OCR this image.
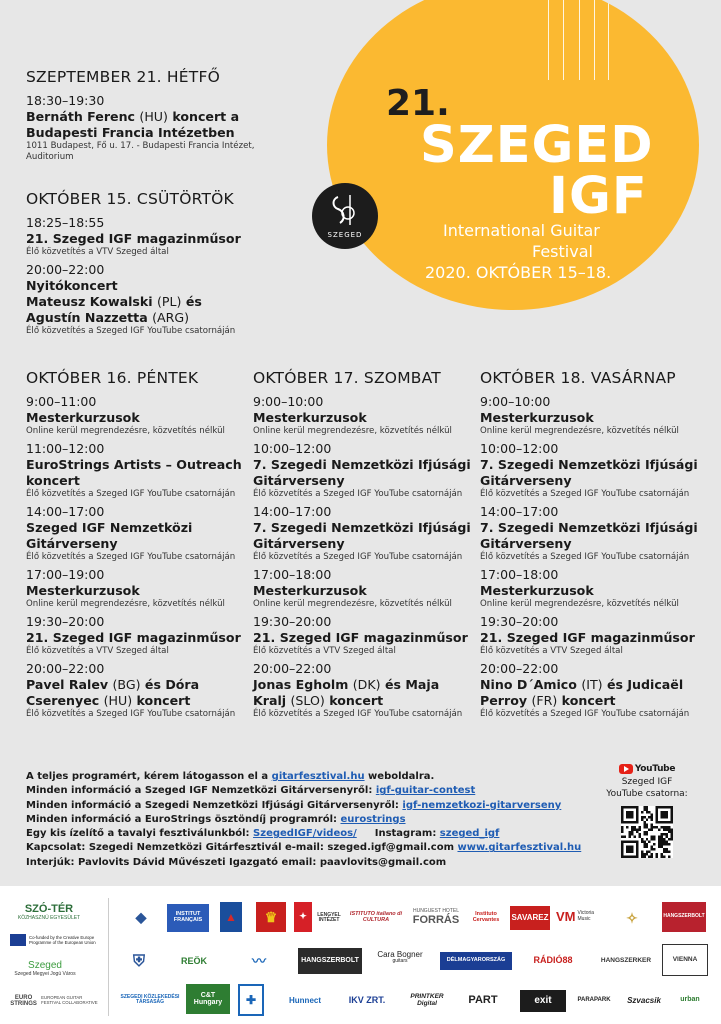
SZEGED
21.
SZEGED
IGF
International Guitar
Festival
2020. OKTÓBER 15–18.
SZEPTEMBER 21. HÉTFŐ
18:30–19:30
Bernáth Ferenc (HU) koncert a
Budapesti Francia Intézetben
1011 Budapest, Fő u. 17. - Budapesti Francia Intézet,
Auditorium
OKTÓBER 15. CSÜTÖRTÖK
18:25–18:55
21. Szeged IGF magazinműsor
Élő közvetítés a VTV Szeged által
20:00–22:00
Nyitókoncert
Mateusz Kowalski (PL) és
Agustín Nazzetta (ARG)
Élő közvetítés a Szeged IGF YouTube csatornáján
OKTÓBER 16. PÉNTEK
9:00–11:00
Mesterkurzusok
Online kerül megrendezésre, közvetítés nélkül
11:00–12:00
EuroStrings Artists – Outreach
koncert
Élő közvetítés a Szeged IGF YouTube csatornáján
14:00–17:00
Szeged IGF Nemzetközi
Gitárverseny
Élő közvetítés a Szeged IGF YouTube csatornáján
17:00–19:00
Mesterkurzusok
Online kerül megrendezésre, közvetítés nélkül
19:30–20:00
21. Szeged IGF magazinműsor
Élő közvetítés a VTV Szeged által
20:00–22:00
Pavel Ralev (BG) és Dóra
Cserenyec (HU) koncert
Élő közvetítés a Szeged IGF YouTube csatornáján
OKTÓBER 17. SZOMBAT
9:00–10:00
Mesterkurzusok
Online kerül megrendezésre, közvetítés nélkül
10:00–12:00
7. Szegedi Nemzetközi Ifjúsági
Gitárverseny
Élő közvetítés a Szeged IGF YouTube csatornáján
14:00–17:00
7. Szegedi Nemzetközi Ifjúsági
Gitárverseny
Élő közvetítés a Szeged IGF YouTube csatornáján
17:00–18:00
Mesterkurzusok
Online kerül megrendezésre, közvetítés nélkül
19:30–20:00
21. Szeged IGF magazinműsor
Élő közvetítés a VTV Szeged által
20:00–22:00
Jonas Egholm (DK) és Maja
Kralj (SLO) koncert
Élő közvetítés a Szeged IGF YouTube csatornáján
OKTÓBER 18. VASÁRNAP
9:00–10:00
Mesterkurzusok
Online kerül megrendezésre, közvetítés nélkül
10:00–12:00
7. Szegedi Nemzetközi Ifjúsági
Gitárverseny
Élő közvetítés a Szeged IGF YouTube csatornáján
14:00–17:00
7. Szegedi Nemzetközi Ifjúsági
Gitárverseny
Élő közvetítés a Szeged IGF YouTube csatornáján
17:00–18:00
Mesterkurzusok
Online kerül megrendezésre, közvetítés nélkül
19:30–20:00
21. Szeged IGF magazinműsor
Élő közvetítés a VTV Szeged által
20:00–22:00
Nino D´Amico (IT) és Judicaël
Perroy (FR) koncert
Élő közvetítés a Szeged IGF YouTube csatornáján
A teljes programért, kérem látogasson el a gitarfesztival.hu weboldalra.
Minden információ a Szeged IGF Nemzetközi Gitárversenyről: igf-guitar-contest
Minden információ a Szegedi Nemzetközi Ifjúsági Gitárversenyről: igf-nemzetkozi-gitarverseny
Minden információ a EuroStrings ösztöndíj programról: eurostrings
Egy kis ízelítő a tavalyi fesztiválunkból: SzegedIGF/videos/ Instagram: szeged_igf
Kapcsolat: Szegedi Nemzetközi Gitárfesztivál e-mail: szeged.igf@gmail.com www.gitarfesztival.hu
Interjúk: Pavlovits Dávid Művészeti Igazgató email: paavlovits@gmail.com
YouTube
Szeged IGF
YouTube csatorna:
SZÓ-TÉR
KÖZHASZNÚ EGYESÜLET
Co-funded by the Creative Europe Programme of the European Union
Szeged
Szeged Megyei Jogú Város
EURO STRINGS
EUROPEAN GUITAR FESTIVAL COLLABORATIVE
◆	INSTITUT FRANÇAIS	▲	♛	✦	LENGYEL INTÉZET
ISTITUTO italiano di CULTURA
HUNGUEST HOTEL
FORRÁS	Instituto Cervantes	SAVAREZ VM Victoria Music	✧	HANGSZERBOLT
⛨	REÖK	〰	HANGSZERBOLT
Cara Bogner
guitars	DÉLMAGYARORSZÁG	RÁDIÓ88	HANGSZERKER	VIENNA
SZEGEDI KÖZLEKEDÉSI TÁRSASÁG
C&T Hungary	✚	Hunnect	IKV ZRT.	PRINTKER Digital	PART	exit	PARAPARK	Szvacsik	urban
